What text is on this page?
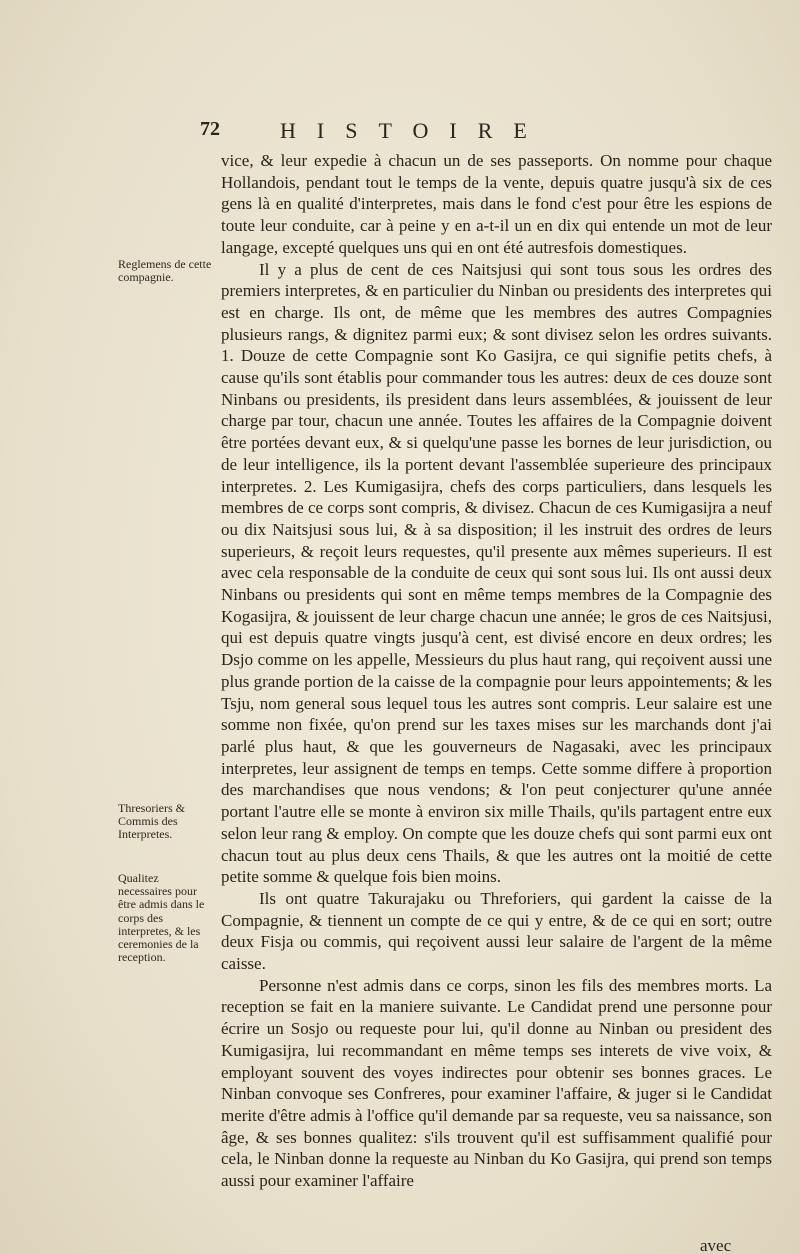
72	HISTOIRE

vice, & leur expedie à chacun un de ses passeports. On nomme pour chaque Hollandois, pendant tout le temps de la vente, depuis quatre jusqu'à six de ces gens là en qualité d'interpretes, mais dans le fond c'est pour être les espions de toute leur conduite, car à peine y en a-t-il un en dix qui entende un mot de leur langage, excepté quelques uns qui en ont été autresfois domestiques.

Il y a plus de cent de ces Naitsjusi qui sont tous sous les ordres des premiers interpretes, & en particulier du Ninban ou presidents des interpretes qui est en charge. Ils ont, de même que les membres des autres Compagnies plusieurs rangs, & dignitez parmi eux; & sont divisez selon les ordres suivants. 1. Douze de cette Compagnie sont Ko Gasijra, ce qui signifie petits chefs, à cause qu'ils sont établis pour commander tous les autres: deux de ces douze sont Ninbans ou presidents, ils president dans leurs assemblées, & jouissent de leur charge par tour, chacun une année. Toutes les affaires de la Compagnie doivent être portées devant eux, & si quelqu'une passe les bornes de leur jurisdiction, ou de leur intelligence, ils la portent devant l'assemblée superieure des principaux interpretes. 2. Les Kumigasijra, chefs des corps particuliers, dans lesquels les membres de ce corps sont compris, & divisez. Chacun de ces Kumigasijra a neuf ou dix Naitsjusi sous lui, & à sa disposition; il les instruit des ordres de leurs superieurs, & reçoit leurs requestes, qu'il presente aux mêmes superieurs. Il est avec cela responsable de la conduite de ceux qui sont sous lui. Ils ont aussi deux Ninbans ou presidents qui sont en même temps membres de la Compagnie des Kogasijra, & jouissent de leur charge chacun une année; le gros de ces Naitsjusi, qui est depuis quatre vingts jusqu'à cent, est divisé encore en deux ordres; les Dsjo comme on les appelle, Messieurs du plus haut rang, qui reçoivent aussi une plus grande portion de la caisse de la compagnie pour leurs appointements; & les Tsju, nom general sous lequel tous les autres sont compris. Leur salaire est une somme non fixée, qu'on prend sur les taxes mises sur les marchands dont j'ai parlé plus haut, & que les gouverneurs de Nagasaki, avec les principaux interpretes, leur assignent de temps en temps. Cette somme differe à proportion des marchandises que nous vendons; & l'on peut conjecturer qu'une année portant l'autre elle se monte à environ six mille Thails, qu'ils partagent entre eux selon leur rang & employ. On compte que les douze chefs qui sont parmi eux ont chacun tout au plus deux cens Thails, & que les autres ont la moitié de cette petite somme & quelque fois bien moins.

Ils ont quatre Takurajaku ou Threforiers, qui gardent la caisse de la Compagnie, & tiennent un compte de ce qui y entre, & de ce qui en sort; outre deux Fisja ou commis, qui reçoivent aussi leur salaire de l'argent de la même caisse.

Personne n'est admis dans ce corps, sinon les fils des membres morts. La reception se fait en la maniere suivante. Le Candidat prend une personne pour écrire un Sosjo ou requeste pour lui, qu'il donne au Ninban ou president des Kumigasijra, lui recommandant en même temps ses interets de vive voix, & employant souvent des voyes indirectes pour obtenir ses bonnes graces. Le Ninban convoque ses Confreres, pour examiner l'affaire, & juger si le Candidat merite d'être admis à l'office qu'il demande par sa requeste, veu sa naissance, son âge, & ses bonnes qualitez: s'ils trouvent qu'il est suffisamment qualifié pour cela, le Ninban donne la requeste au Ninban du Ko Gasijra, qui prend son temps aussi pour examiner l'affaire

Reglemens de cette compagnie.
Thresoriers & Commis des Interpretes.
Qualitez necessaires pour être admis dans le corps des interpretes, & les ceremonies de la reception.
avec
